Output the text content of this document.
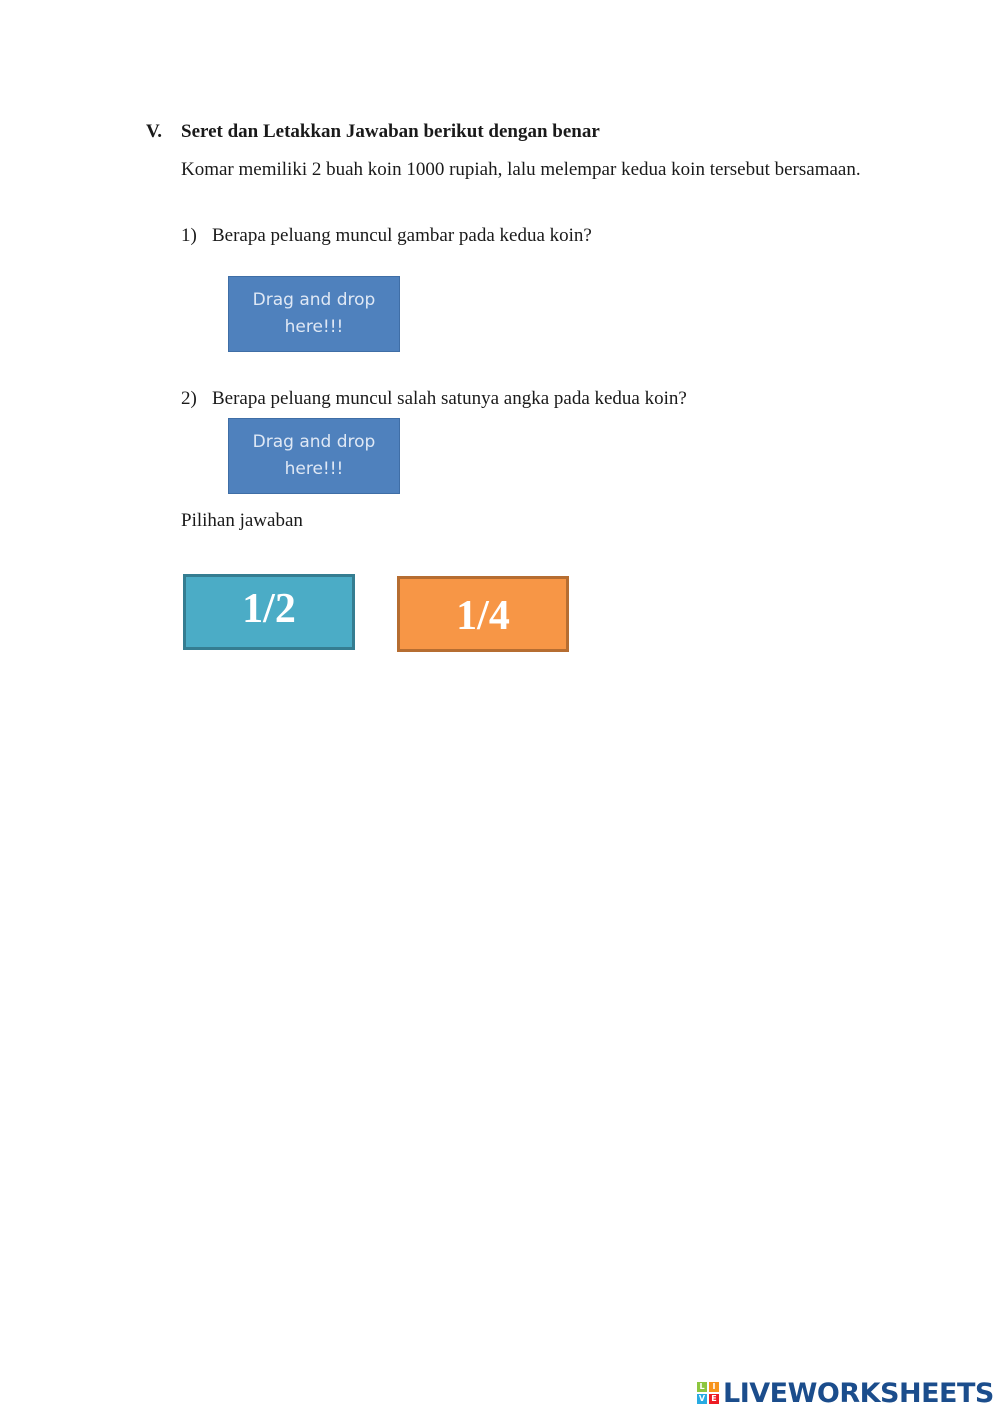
V. Seret dan Letakkan Jawaban berikut dengan benar

Komar memiliki 2 buah koin 1000 rupiah, lalu melempar kedua koin tersebut bersamaan.

1) Berapa peluang muncul gambar pada kedua koin?
Drag and drop here!!!
2) Berapa peluang muncul salah satunya angka pada kedua koin?
Drag and drop here!!!
Pilihan jawaban
1/2	1/4
L I
V E LIVEWORKSHEETS
